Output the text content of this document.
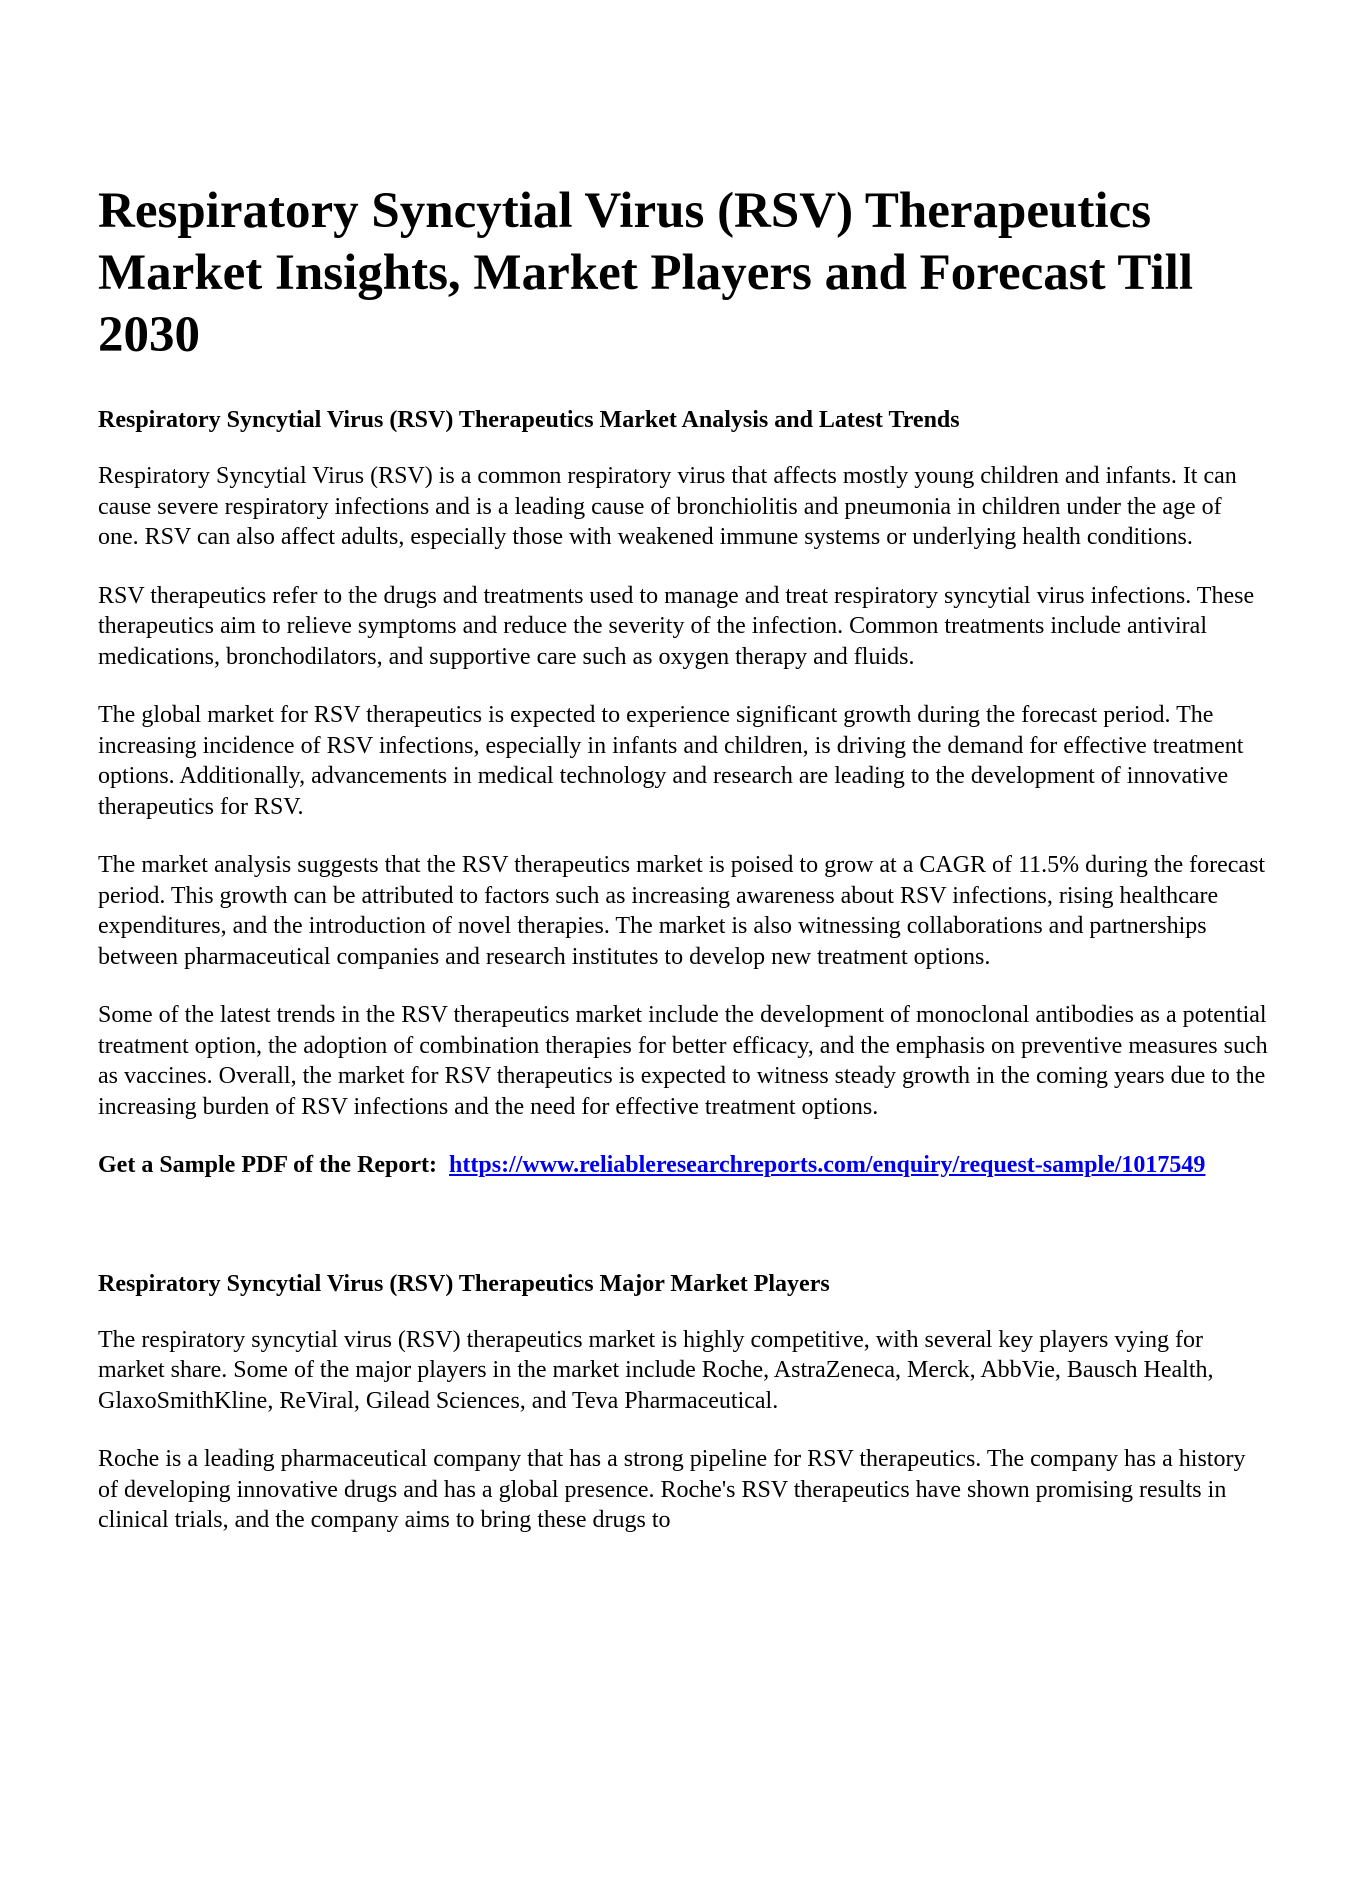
Respiratory Syncytial Virus (RSV) Therapeutics Market Insights, Market Players and Forecast Till 2030
Respiratory Syncytial Virus (RSV) Therapeutics Market Analysis and Latest Trends

Respiratory Syncytial Virus (RSV) is a common respiratory virus that affects mostly young children and infants. It can cause severe respiratory infections and is a leading cause of bronchiolitis and pneumonia in children under the age of one. RSV can also affect adults, especially those with weakened immune systems or underlying health conditions.

RSV therapeutics refer to the drugs and treatments used to manage and treat respiratory syncytial virus infections. These therapeutics aim to relieve symptoms and reduce the severity of the infection. Common treatments include antiviral medications, bronchodilators, and supportive care such as oxygen therapy and fluids.

The global market for RSV therapeutics is expected to experience significant growth during the forecast period. The increasing incidence of RSV infections, especially in infants and children, is driving the demand for effective treatment options. Additionally, advancements in medical technology and research are leading to the development of innovative therapeutics for RSV.

The market analysis suggests that the RSV therapeutics market is poised to grow at a CAGR of 11.5% during the forecast period. This growth can be attributed to factors such as increasing awareness about RSV infections, rising healthcare expenditures, and the introduction of novel therapies. The market is also witnessing collaborations and partnerships between pharmaceutical companies and research institutes to develop new treatment options.

Some of the latest trends in the RSV therapeutics market include the development of monoclonal antibodies as a potential treatment option, the adoption of combination therapies for better efficacy, and the emphasis on preventive measures such as vaccines. Overall, the market for RSV therapeutics is expected to witness steady growth in the coming years due to the increasing burden of RSV infections and the need for effective treatment options.

Get a Sample PDF of the Report: https://www.reliableresearchreports.com/enquiry/request-sample/1017549

Respiratory Syncytial Virus (RSV) Therapeutics Major Market Players

The respiratory syncytial virus (RSV) therapeutics market is highly competitive, with several key players vying for market share. Some of the major players in the market include Roche, AstraZeneca, Merck, AbbVie, Bausch Health, GlaxoSmithKline, ReViral, Gilead Sciences, and Teva Pharmaceutical.

Roche is a leading pharmaceutical company that has a strong pipeline for RSV therapeutics. The company has a history of developing innovative drugs and has a global presence. Roche's RSV therapeutics have shown promising results in clinical trials, and the company aims to bring these drugs to
